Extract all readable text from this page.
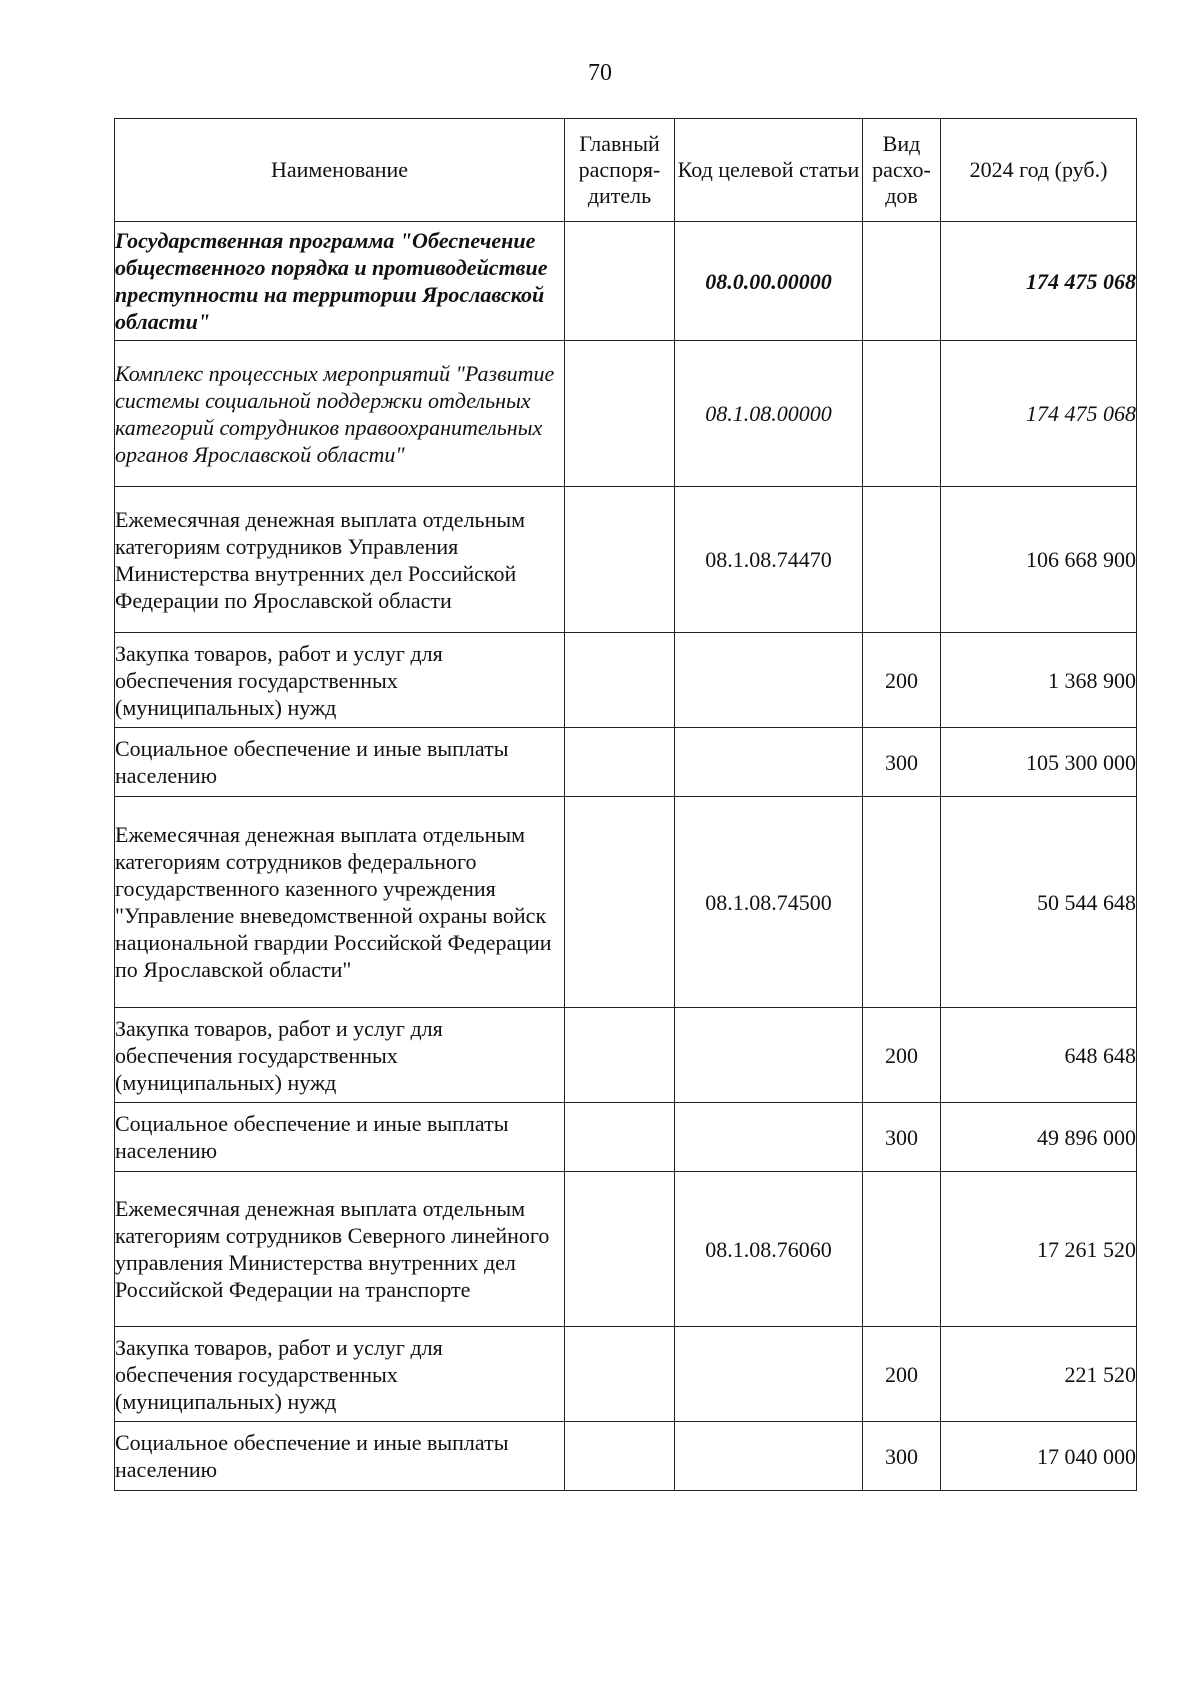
70
Наименование	Главный распоря-дитель	Код целевой статьи	Вид расхо-дов	2024 год (руб.)
Государственная программа "Обеспечение общественного порядка и противодействие преступности на территории Ярославской области"		08.0.00.00000		174 475 068
Комплекс процессных мероприятий "Развитие системы социальной поддержки отдельных категорий сотрудников правоохранительных органов Ярославской области"		08.1.08.00000		174 475 068
Ежемесячная денежная выплата отдельным категориям сотрудников Управления Министерства внутренних дел Российской Федерации по Ярославской области		08.1.08.74470		106 668 900
Закупка товаров, работ и услуг для обеспечения государственных (муниципальных) нужд			200	1 368 900
Социальное обеспечение и иные выплаты населению			300	105 300 000
Ежемесячная денежная выплата отдельным категориям сотрудников федерального государственного казенного учреждения "Управление вневедомственной охраны войск национальной гвардии Российской Федерации по Ярославской области"		08.1.08.74500		50 544 648
Закупка товаров, работ и услуг для обеспечения государственных (муниципальных) нужд			200	648 648
Социальное обеспечение и иные выплаты населению			300	49 896 000
Ежемесячная денежная выплата отдельным категориям сотрудников Северного линейного управления Министерства внутренних дел Российской Федерации на транспорте		08.1.08.76060		17 261 520
Закупка товаров, работ и услуг для обеспечения государственных (муниципальных) нужд			200	221 520
Социальное обеспечение и иные выплаты населению			300	17 040 000
